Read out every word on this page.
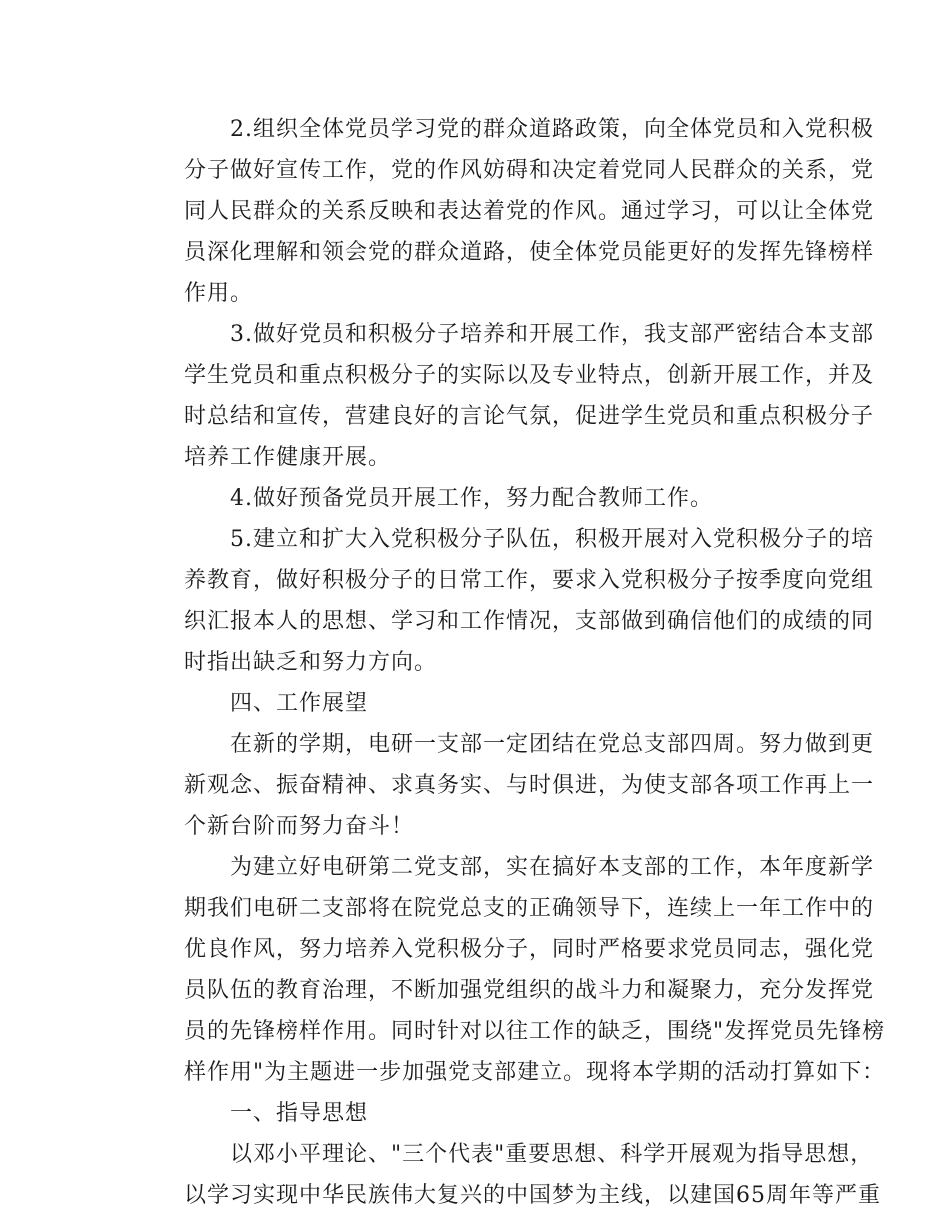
2.组织全体党员学习党的群众道路政策，向全体党员和入党积极
分子做好宣传工作，党的作风妨碍和决定着党同人民群众的关系，党
同人民群众的关系反映和表达着党的作风。通过学习，可以让全体党
员深化理解和领会党的群众道路，使全体党员能更好的发挥先锋榜样
作用。
3.做好党员和积极分子培养和开展工作，我支部严密结合本支部
学生党员和重点积极分子的实际以及专业特点，创新开展工作，并及
时总结和宣传，营建良好的言论气氛，促进学生党员和重点积极分子
培养工作健康开展。
4.做好预备党员开展工作，努力配合教师工作。
5.建立和扩大入党积极分子队伍，积极开展对入党积极分子的培
养教育，做好积极分子的日常工作，要求入党积极分子按季度向党组
织汇报本人的思想、学习和工作情况，支部做到确信他们的成绩的同
时指出缺乏和努力方向。
四、工作展望
在新的学期，电研一支部一定团结在党总支部四周。努力做到更
新观念、振奋精神、求真务实、与时俱进，为使支部各项工作再上一
个新台阶而努力奋斗！
为建立好电研第二党支部，实在搞好本支部的工作，本年度新学
期我们电研二支部将在院党总支的正确领导下，连续上一年工作中的
优良作风，努力培养入党积极分子，同时严格要求党员同志，强化党
员队伍的教育治理，不断加强党组织的战斗力和凝聚力，充分发挥党
员的先锋榜样作用。同时针对以往工作的缺乏，围绕"发挥党员先锋榜
样作用"为主题进一步加强党支部建立。现将本学期的活动打算如下：
一、指导思想
以邓小平理论、"三个代表"重要思想、科学开展观为指导思想，
以学习实现中华民族伟大复兴的中国梦为主线，以建国65周年等严重
